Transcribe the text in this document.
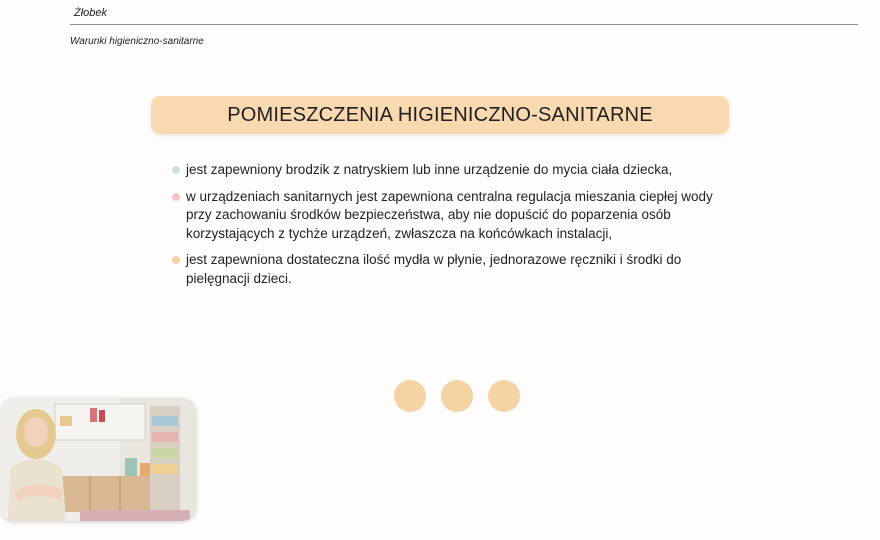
Żłobek
Warunki higieniczno-sanitarne
POMIESZCZENIA HIGIENICZNO-SANITARNE
jest zapewniony brodzik z natryskiem lub inne urządzenie do mycia ciała dziecka,
w urządzeniach sanitarnych jest zapewniona centralna regulacja mieszania ciepłej wody przy zachowaniu środków bezpieczeństwa, aby nie dopuścić do poparzenia osób korzystających z tychże urządzeń, zwłaszcza na końcówkach instalacji,
jest zapewniona dostateczna ilość mydła w płynie, jednorazowe ręczniki i środki do pielęgnacji dzieci.
